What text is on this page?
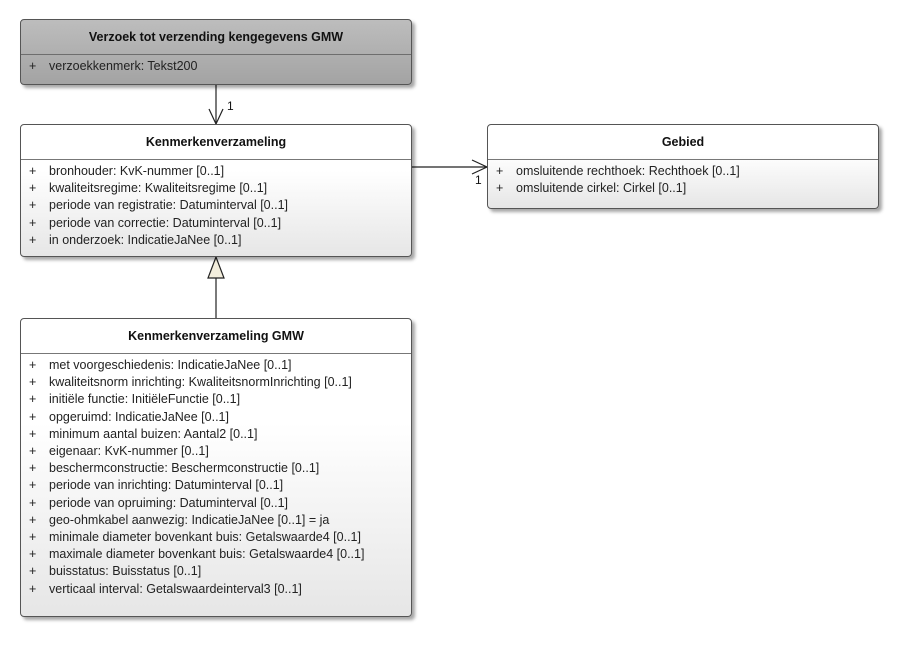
1
1
Verzoek tot verzending kengegevens GMW
+ verzoekkenmerk: Tekst200
Kenmerkenverzameling
+ bronhouder: KvK-nummer [0..1]
+ kwaliteitsregime: Kwaliteitsregime [0..1]
+ periode van registratie: Datuminterval [0..1]
+ periode van correctie: Datuminterval [0..1]
+ in onderzoek: IndicatieJaNee [0..1]
Gebied
+ omsluitende rechthoek: Rechthoek [0..1]
+ omsluitende cirkel: Cirkel [0..1]
Kenmerkenverzameling GMW
+ met voorgeschiedenis: IndicatieJaNee [0..1]
+ kwaliteitsnorm inrichting: KwaliteitsnormInrichting [0..1]
+ initiële functie: InitiëleFunctie [0..1]
+ opgeruimd: IndicatieJaNee [0..1]
+ minimum aantal buizen: Aantal2 [0..1]
+ eigenaar: KvK-nummer [0..1]
+ beschermconstructie: Beschermconstructie [0..1]
+ periode van inrichting: Datuminterval [0..1]
+ periode van opruiming: Datuminterval [0..1]
+ geo-ohmkabel aanwezig: IndicatieJaNee [0..1] = ja
+ minimale diameter bovenkant buis: Getalswaarde4 [0..1]
+ maximale diameter bovenkant buis: Getalswaarde4 [0..1]
+ buisstatus: Buisstatus [0..1]
+ verticaal interval: Getalswaardeinterval3 [0..1]
